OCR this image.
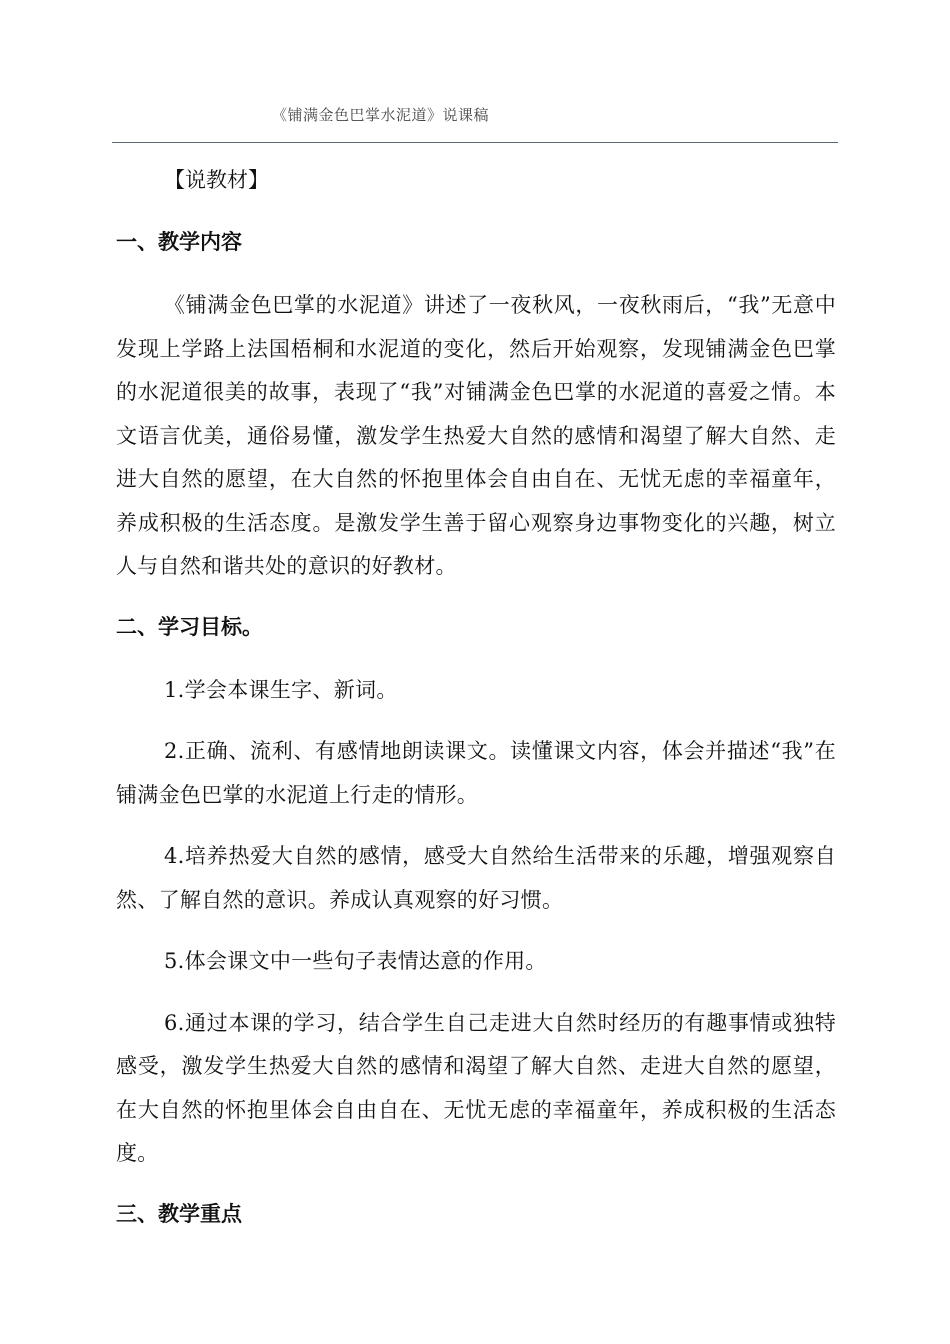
《铺满金色巴掌水泥道》说课稿

【说教材】

一、教学内容

《铺满金色巴掌的水泥道》讲述了一夜秋风，一夜秋雨后，“我”无意中发现上学路上法国梧桐和水泥道的变化，然后开始观察，发现铺满金色巴掌的水泥道很美的故事，表现了“我”对铺满金色巴掌的水泥道的喜爱之情。本文语言优美，通俗易懂，激发学生热爱大自然的感情和渴望了解大自然、走进大自然的愿望，在大自然的怀抱里体会自由自在、无忧无虑的幸福童年，养成积极的生活态度。是激发学生善于留心观察身边事物变化的兴趣，树立人与自然和谐共处的意识的好教材。

二、学习目标。

1.学会本课生字、新词。

2.正确、流利、有感情地朗读课文。读懂课文内容，体会并描述“我”在铺满金色巴掌的水泥道上行走的情形。

4.培养热爱大自然的感情，感受大自然给生活带来的乐趣，增强观察自然、了解自然的意识。养成认真观察的好习惯。

5.体会课文中一些句子表情达意的作用。

6.通过本课的学习，结合学生自己走进大自然时经历的有趣事情或独特感受，激发学生热爱大自然的感情和渴望了解大自然、走进大自然的愿望，在大自然的怀抱里体会自由自在、无忧无虑的幸福童年，养成积极的生活态度。

三、教学重点
